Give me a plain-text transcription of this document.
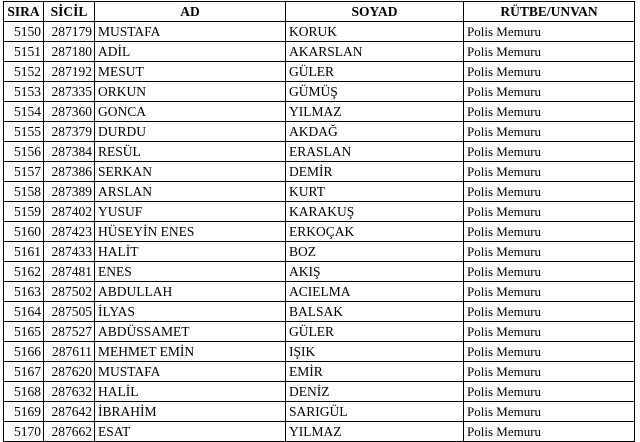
SIRA	SİCİL	AD	SOYAD	RÜTBE/UNVAN
5150	287179	MUSTAFA	KORUK	Polis Memuru
5151	287180	ADİL	AKARSLAN	Polis Memuru
5152	287192	MESUT	GÜLER	Polis Memuru
5153	287335	ORKUN	GÜMÜŞ	Polis Memuru
5154	287360	GONCA	YILMAZ	Polis Memuru
5155	287379	DURDU	AKDAĞ	Polis Memuru
5156	287384	RESÜL	ERASLAN	Polis Memuru
5157	287386	SERKAN	DEMİR	Polis Memuru
5158	287389	ARSLAN	KURT	Polis Memuru
5159	287402	YUSUF	KARAKUŞ	Polis Memuru
5160	287423	HÜSEYİN ENES	ERKOÇAK	Polis Memuru
5161	287433	HALİT	BOZ	Polis Memuru
5162	287481	ENES	AKIŞ	Polis Memuru
5163	287502	ABDULLAH	ACIELMA	Polis Memuru
5164	287505	İLYAS	BALSAK	Polis Memuru
5165	287527	ABDÜSSAMET	GÜLER	Polis Memuru
5166	287611	MEHMET EMİN	IŞIK	Polis Memuru
5167	287620	MUSTAFA	EMİR	Polis Memuru
5168	287632	HALİL	DENİZ	Polis Memuru
5169	287642	İBRAHİM	SARIGÜL	Polis Memuru
5170	287662	ESAT	YILMAZ	Polis Memuru
